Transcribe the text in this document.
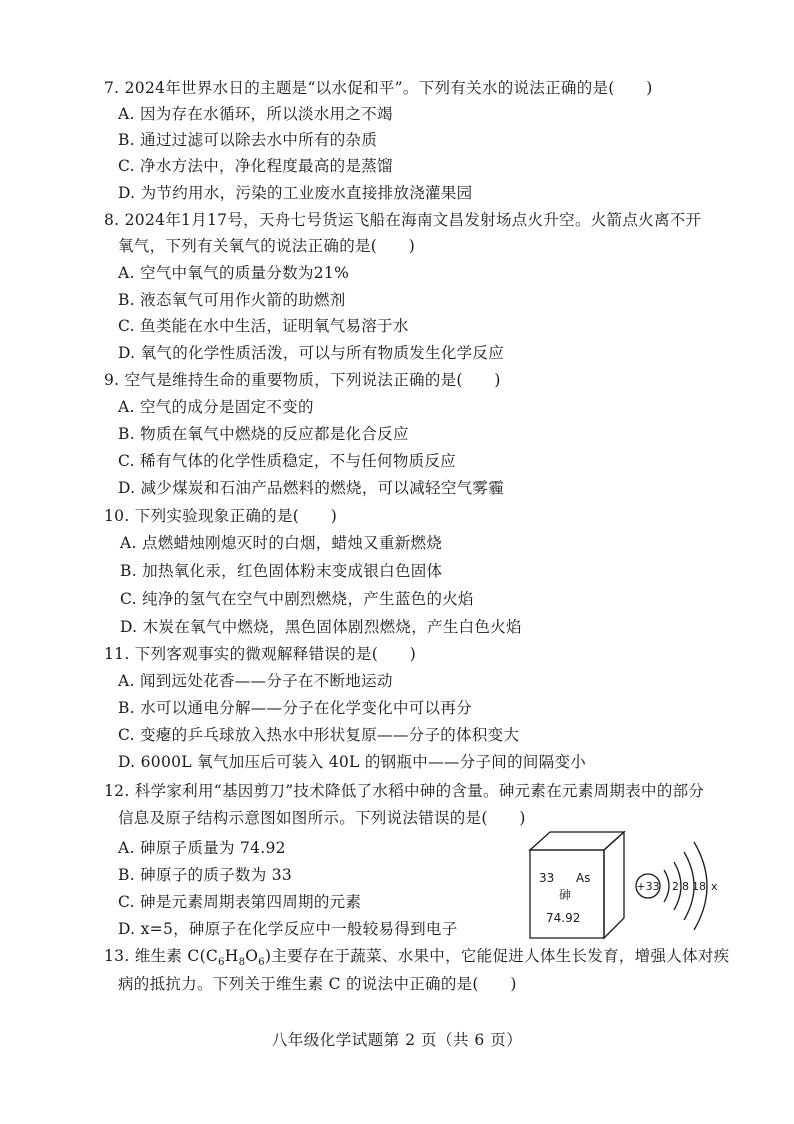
7. 2024年世界水日的主题是“以水促和平”。下列有关水的说法正确的是(　　)
A. 因为存在水循环，所以淡水用之不竭
B. 通过过滤可以除去水中所有的杂质
C. 净水方法中，净化程度最高的是蒸馏
D. 为节约用水，污染的工业废水直接排放浇灌果园
8. 2024年1月17号，天舟七号货运飞船在海南文昌发射场点火升空。火箭点火离不开
氧气，下列有关氧气的说法正确的是(　　)
A. 空气中氧气的质量分数为21%
B. 液态氧气可用作火箭的助燃剂
C. 鱼类能在水中生活，证明氧气易溶于水
D. 氧气的化学性质活泼，可以与所有物质发生化学反应
9. 空气是维持生命的重要物质，下列说法正确的是(　　)
A. 空气的成分是固定不变的
B. 物质在氧气中燃烧的反应都是化合反应
C. 稀有气体的化学性质稳定，不与任何物质反应
D. 减少煤炭和石油产品燃料的燃烧，可以减轻空气雾霾
10. 下列实验现象正确的是(　　)
A. 点燃蜡烛刚熄灭时的白烟，蜡烛又重新燃烧
B. 加热氧化汞，红色固体粉末变成银白色固体
C. 纯净的氢气在空气中剧烈燃烧，产生蓝色的火焰
D. 木炭在氧气中燃烧，黑色固体剧烈燃烧，产生白色火焰
11. 下列客观事实的微观解释错误的是(　　)
A. 闻到远处花香——分子在不断地运动
B. 水可以通电分解——分子在化学变化中可以再分
C. 变瘪的乒乓球放入热水中形状复原——分子的体积变大
D. 6000L 氧气加压后可装入 40L 的钢瓶中——分子间的间隔变小
12. 科学家利用“基因剪刀”技术降低了水稻中砷的含量。砷元素在元素周期表中的部分
信息及原子结构示意图如图所示。下列说法错误的是(　　)
A. 砷原子质量为 74.92
B. 砷原子的质子数为 33
C. 砷是元素周期表第四周期的元素
D. x=5，砷原子在化学反应中一般较易得到电子
33 As
砷
74.92
+33 2 8 18 x
13. 维生素 $C(C_6H_8O_6)$主要存在于蔬菜、水果中，它能促进人体生长发育，增强人体对疾
病的抵抗力。下列关于维生素 C 的说法中正确的是(　　)
八年级化学试题第 2 页（共 6 页）
